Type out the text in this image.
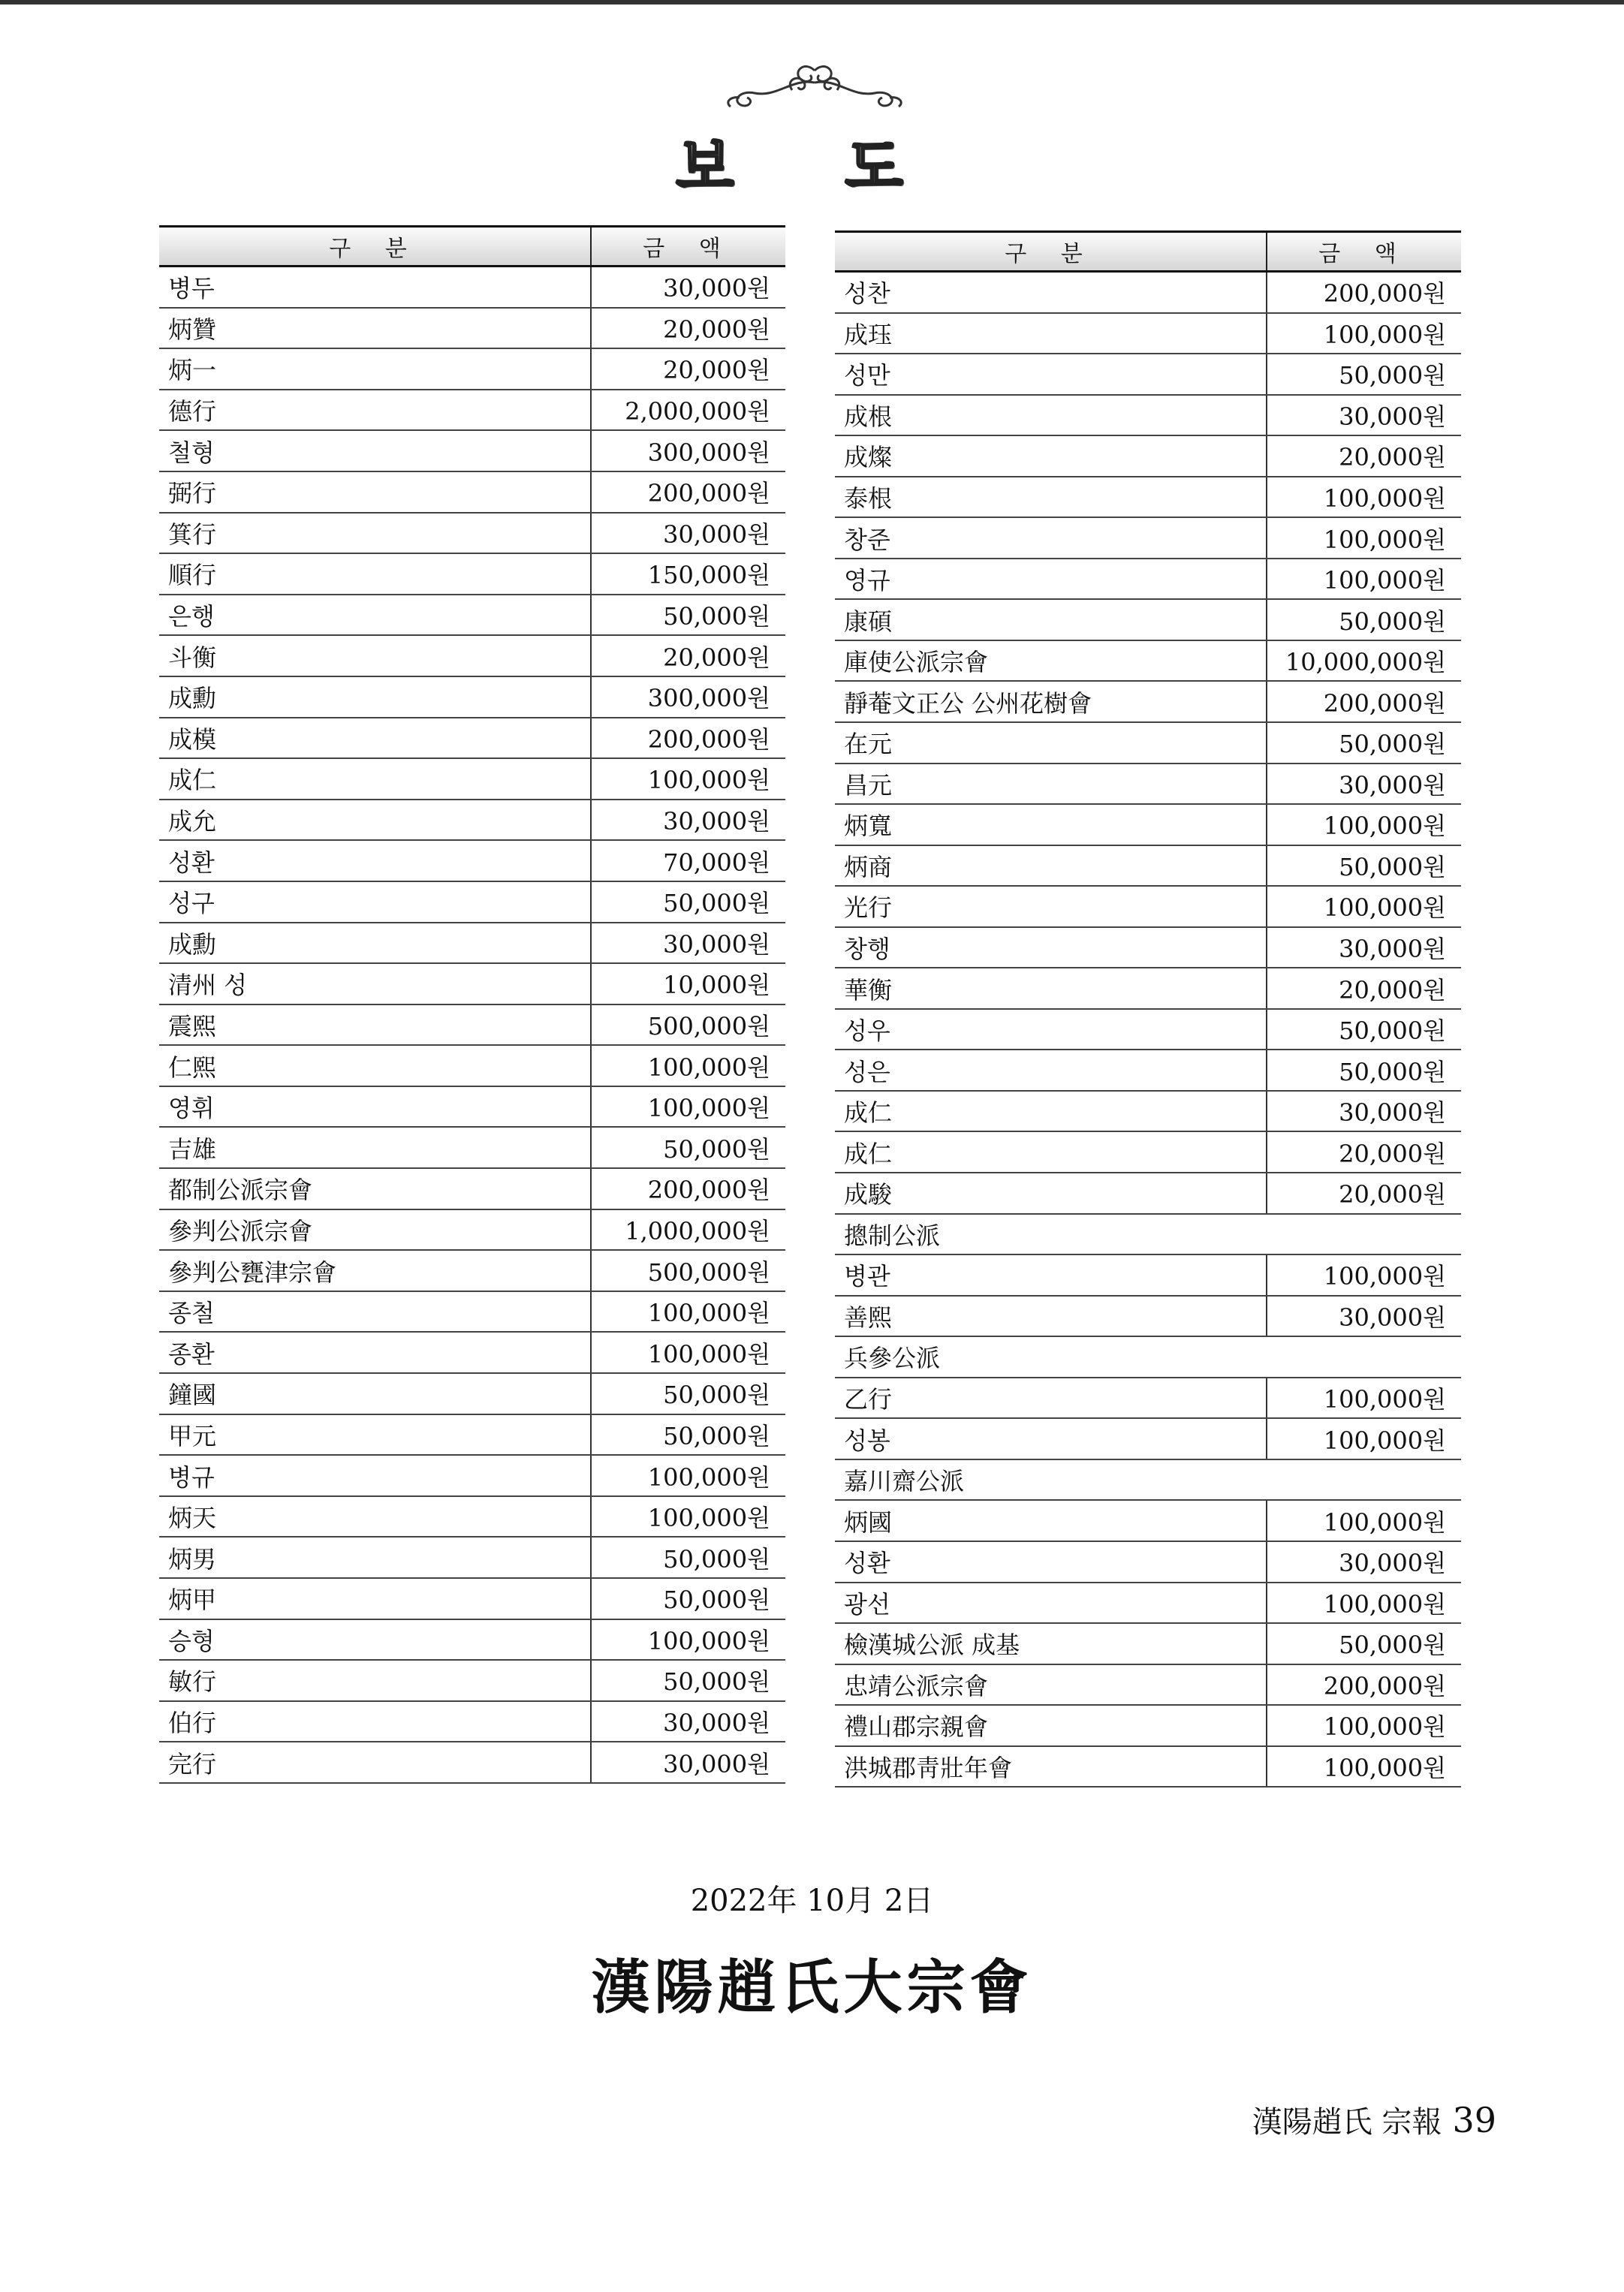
보 도
구 분	금 액
병두	30,000원
炳贊	20,000원
炳一	20,000원
德行	2,000,000원
철형	300,000원
弼行	200,000원
箕行	30,000원
順行	150,000원
은행	50,000원
斗衡	20,000원
成勳	300,000원
成模	200,000원
成仁	100,000원
成允	30,000원
성환	70,000원
성구	50,000원
成勳	30,000원
清州 성	10,000원
震熙	500,000원
仁熙	100,000원
영휘	100,000원
吉雄	50,000원
都制公派宗會	200,000원
參判公派宗會	1,000,000원
參判公甕津宗會	500,000원
종철	100,000원
종환	100,000원
鐘國	50,000원
甲元	50,000원
병규	100,000원
炳天	100,000원
炳男	50,000원
炳甲	50,000원
승형	100,000원
敏行	50,000원
伯行	30,000원
完行	30,000원
구 분	금 액
성찬	200,000원
成珏	100,000원
성만	50,000원
成根	30,000원
成燦	20,000원
泰根	100,000원
창준	100,000원
영규	100,000원
康碩	50,000원
庫使公派宗會	10,000,000원
靜菴文正公 公州花樹會	200,000원
在元	50,000원
昌元	30,000원
炳寬	100,000원
炳商	50,000원
光行	100,000원
창행	30,000원
華衡	20,000원
성우	50,000원
성은	50,000원
成仁	30,000원
成仁	20,000원
成駿	20,000원
摠制公派	
병관	100,000원
善熙	30,000원
兵參公派	
乙行	100,000원
성봉	100,000원
嘉川齋公派	
炳國	100,000원
성환	30,000원
광선	100,000원
檢漢城公派 成基	50,000원
忠靖公派宗會	200,000원
禮山郡宗親會	100,000원
洪城郡靑壯年會	100,000원
2022年 10月 2日
漢陽趙氏大宗會
漢陽趙氏 宗報 39
